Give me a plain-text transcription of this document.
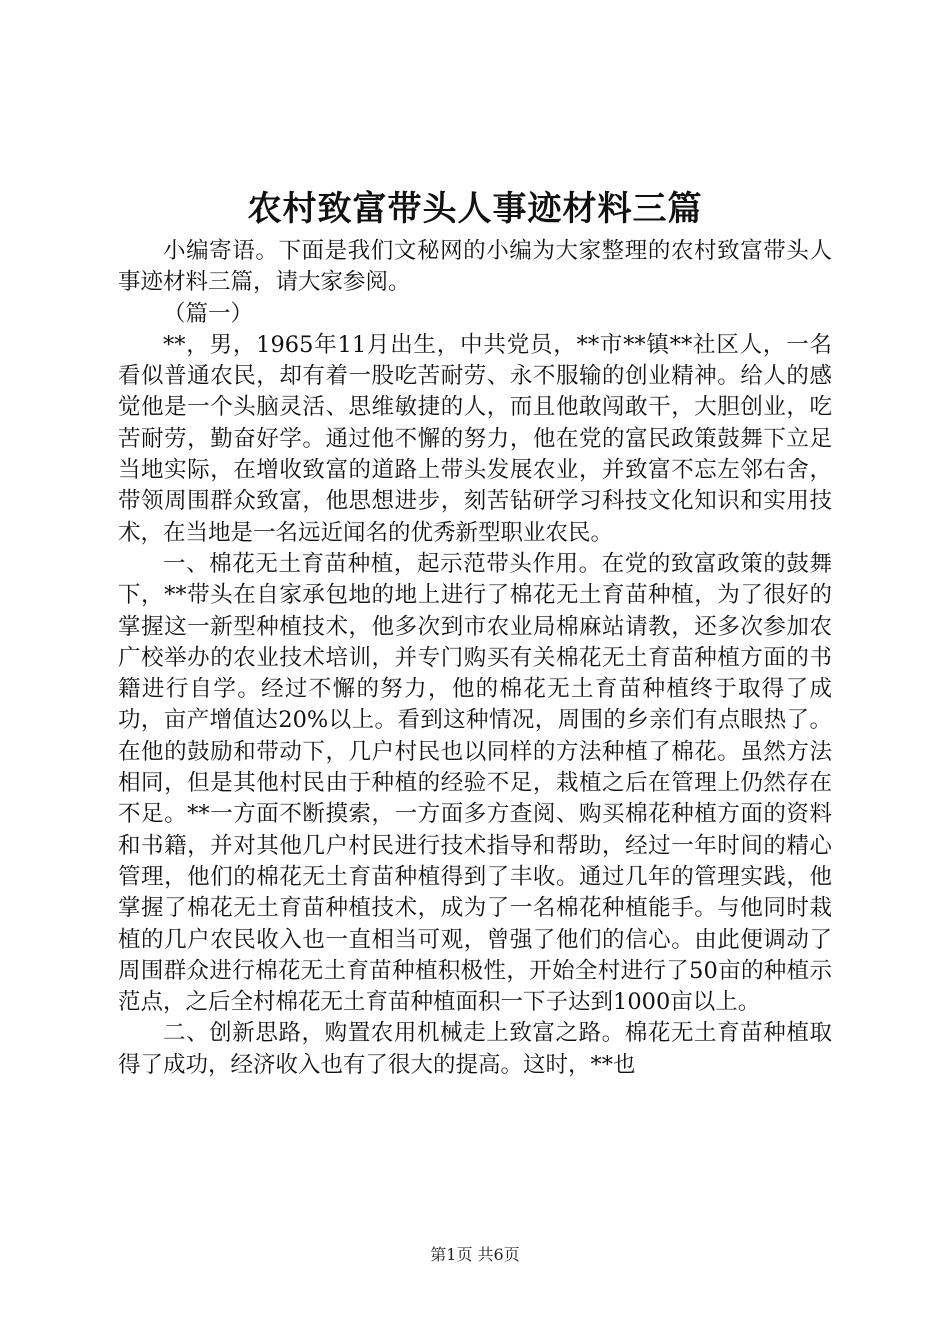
农村致富带头人事迹材料三篇

小编寄语。下面是我们文秘网的小编为大家整理的农村致富带头人事迹材料三篇，请大家参阅。

（篇一）

**，男，1965年11月出生，中共党员，**市**镇**社区人，一名看似普通农民，却有着一股吃苦耐劳、永不服输的创业精神。给人的感觉他是一个头脑灵活、思维敏捷的人，而且他敢闯敢干，大胆创业，吃苦耐劳，勤奋好学。通过他不懈的努力，他在党的富民政策鼓舞下立足当地实际，在增收致富的道路上带头发展农业，并致富不忘左邻右舍，带领周围群众致富，他思想进步，刻苦钻研学习科技文化知识和实用技术，在当地是一名远近闻名的优秀新型职业农民。

一、棉花无土育苗种植，起示范带头作用。在党的致富政策的鼓舞下，**带头在自家承包地的地上进行了棉花无土育苗种植，为了很好的掌握这一新型种植技术，他多次到市农业局棉麻站请教，还多次参加农广校举办的农业技术培训，并专门购买有关棉花无土育苗种植方面的书籍进行自学。经过不懈的努力，他的棉花无土育苗种植终于取得了成功，亩产增值达20%以上。看到这种情况，周围的乡亲们有点眼热了。在他的鼓励和带动下，几户村民也以同样的方法种植了棉花。虽然方法相同，但是其他村民由于种植的经验不足，栽植之后在管理上仍然存在不足。**一方面不断摸索，一方面多方查阅、购买棉花种植方面的资料和书籍，并对其他几户村民进行技术指导和帮助，经过一年时间的精心管理，他们的棉花无土育苗种植得到了丰收。通过几年的管理实践，他掌握了棉花无土育苗种植技术，成为了一名棉花种植能手。与他同时栽植的几户农民收入也一直相当可观，曾强了他们的信心。由此便调动了周围群众进行棉花无土育苗种植积极性，开始全村进行了50亩的种植示范点，之后全村棉花无土育苗种植面积一下子达到1000亩以上。

二、创新思路，购置农用机械走上致富之路。棉花无土育苗种植取得了成功，经济收入也有了很大的提高。这时，**也

第1页 共6页
